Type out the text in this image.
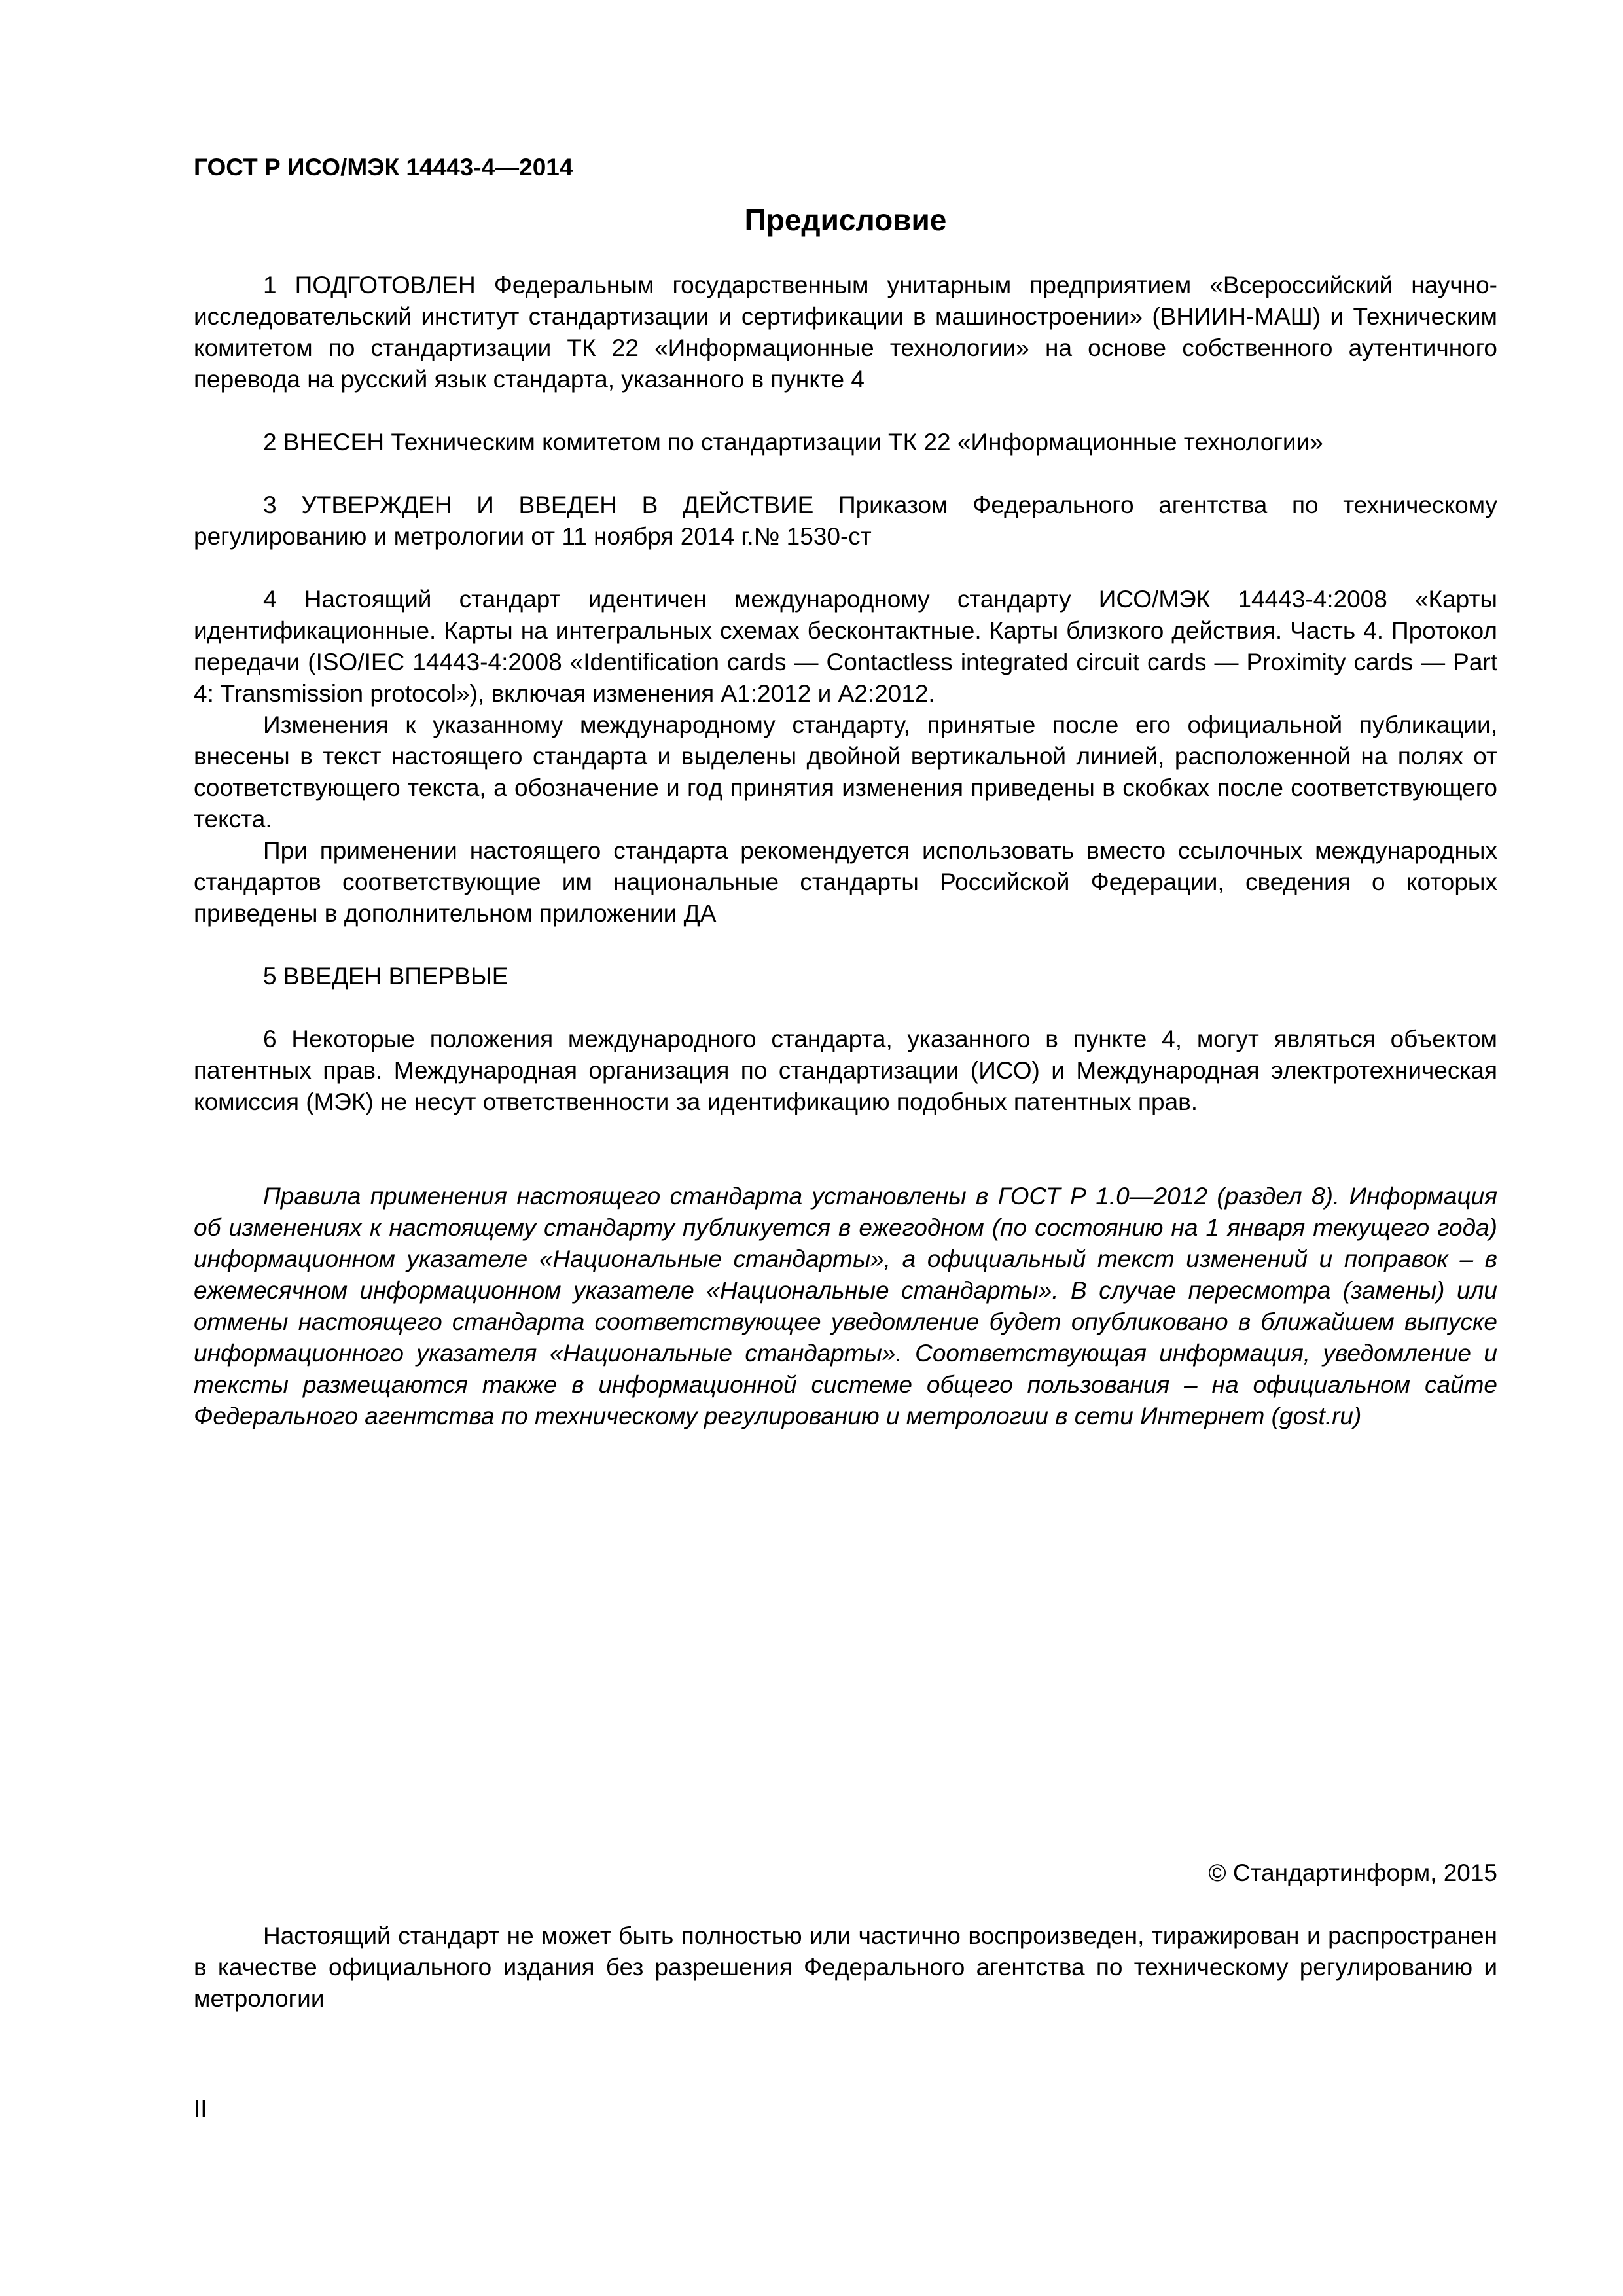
ГОСТ Р ИСО/МЭК 14443-4—2014
Предисловие

1 ПОДГОТОВЛЕН Федеральным государственным унитарным предприятием «Всероссийский научно-исследовательский институт стандартизации и сертификации в машиностроении» (ВНИИН-МАШ) и Техническим комитетом по стандартизации ТК 22 «Информационные технологии» на основе собственного аутентичного перевода на русский язык стандарта, указанного в пункте 4

2 ВНЕСЕН Техническим комитетом по стандартизации ТК 22 «Информационные технологии»

3 УТВЕРЖДЕН И ВВЕДЕН В ДЕЙСТВИЕ Приказом Федерального агентства по техническому регулированию и метрологии от 11 ноября 2014 г.№ 1530-ст

4 Настоящий стандарт идентичен международному стандарту ИСО/МЭК 14443-4:2008 «Карты идентификационные. Карты на интегральных схемах бесконтактные. Карты близкого действия. Часть 4. Протокол передачи (ISO/IEC 14443-4:2008 «Identification cards — Contactless integrated circuit cards — Proximity cards — Part 4: Transmission protocol»), включая изменения А1:2012 и А2:2012.

Изменения к указанному международному стандарту, принятые после его официальной публикации, внесены в текст настоящего стандарта и выделены двойной вертикальной линией, расположенной на полях от соответствующего текста, а обозначение и год принятия изменения приведены в скобках после соответствующего текста.

При применении настоящего стандарта рекомендуется использовать вместо ссылочных международных стандартов соответствующие им национальные стандарты Российской Федерации, сведения о которых приведены в дополнительном приложении ДА

5 ВВЕДЕН ВПЕРВЫЕ

6 Некоторые положения международного стандарта, указанного в пункте 4, могут являться объектом патентных прав. Международная организация по стандартизации (ИСО) и Международная электротехническая комиссия (МЭК) не несут ответственности за идентификацию подобных патентных прав.

Правила применения настоящего стандарта установлены в ГОСТ Р 1.0—2012 (раздел 8). Информация об изменениях к настоящему стандарту публикуется в ежегодном (по состоянию на 1 января текущего года) информационном указателе «Национальные стандарты», а официальный текст изменений и поправок – в ежемесячном информационном указателе «Национальные стандарты». В случае пересмотра (замены) или отмены настоящего стандарта соответствующее уведомление будет опубликовано в ближайшем выпуске информационного указателя «Национальные стандарты». Соответствующая информация, уведомление и тексты размещаются также в информационной системе общего пользования – на официальном сайте Федерального агентства по техническому регулированию и метрологии в сети Интернет (gost.ru)

© Стандартинформ, 2015

Настоящий стандарт не может быть полностью или частично воспроизведен, тиражирован и распространен в качестве официального издания без разрешения Федерального агентства по техническому регулированию и метрологии

II
